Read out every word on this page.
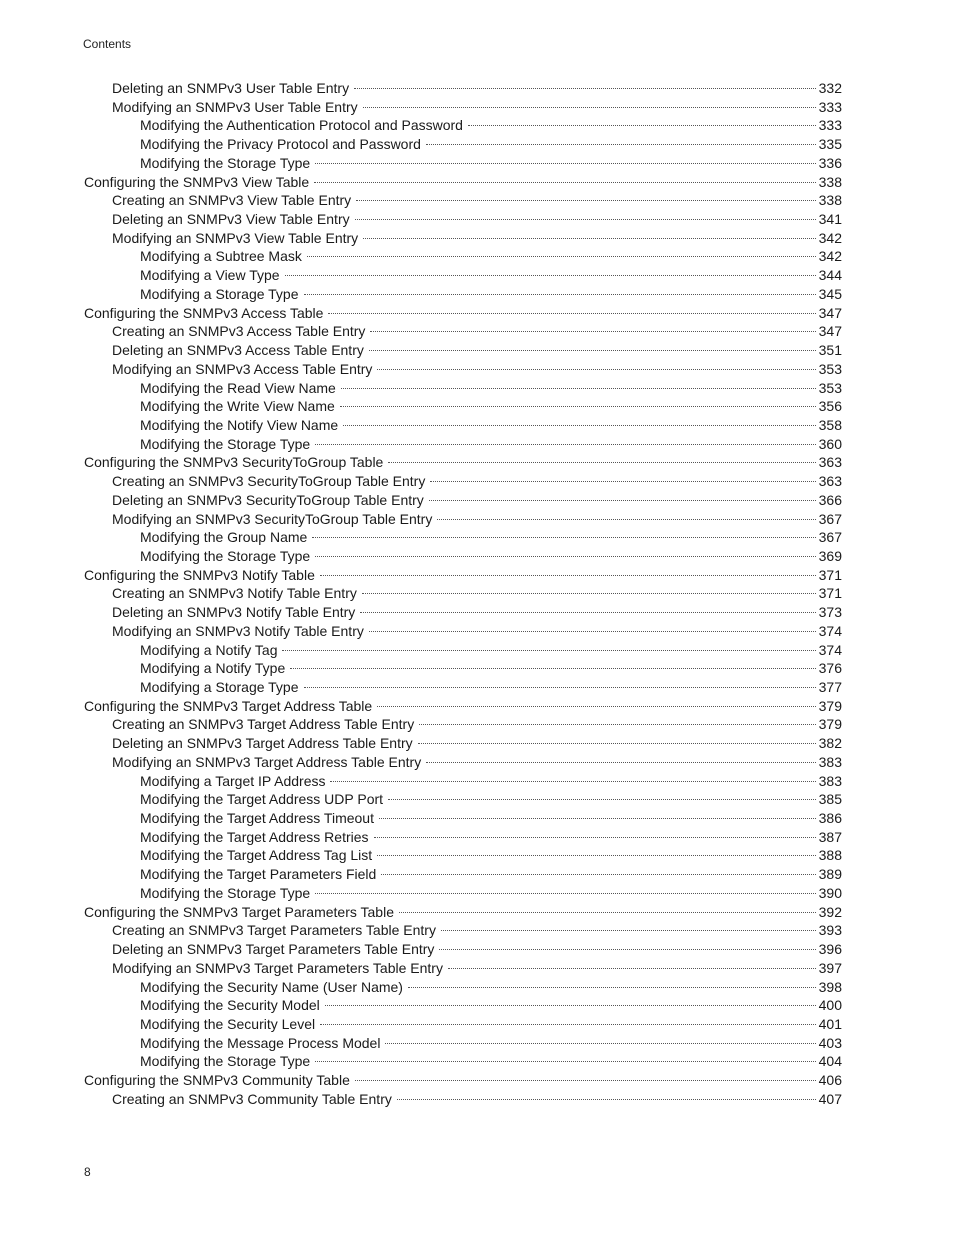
Contents
Deleting an SNMPv3 User Table Entry	332
Modifying an SNMPv3 User Table Entry	333
Modifying the Authentication Protocol and Password	333
Modifying the Privacy Protocol and Password	335
Modifying the Storage Type	336
Configuring the SNMPv3 View Table	338
Creating an SNMPv3 View Table Entry	338
Deleting an SNMPv3 View Table Entry	341
Modifying an SNMPv3 View Table Entry	342
Modifying a Subtree Mask	342
Modifying a View Type	344
Modifying a Storage Type	345
Configuring the SNMPv3 Access Table	347
Creating an SNMPv3 Access Table Entry	347
Deleting an SNMPv3 Access Table Entry	351
Modifying an SNMPv3 Access Table Entry	353
Modifying the Read View Name	353
Modifying the Write View Name	356
Modifying the Notify View Name	358
Modifying the Storage Type	360
Configuring the SNMPv3 SecurityToGroup Table	363
Creating an SNMPv3 SecurityToGroup Table Entry	363
Deleting an SNMPv3 SecurityToGroup Table Entry	366
Modifying an SNMPv3 SecurityToGroup Table Entry	367
Modifying the Group Name	367
Modifying the Storage Type	369
Configuring the SNMPv3 Notify Table	371
Creating an SNMPv3 Notify Table Entry	371
Deleting an SNMPv3 Notify Table Entry	373
Modifying an SNMPv3 Notify Table Entry	374
Modifying a Notify Tag	374
Modifying a Notify Type	376
Modifying a Storage Type	377
Configuring the SNMPv3 Target Address Table	379
Creating an SNMPv3 Target Address Table Entry	379
Deleting an SNMPv3 Target Address Table Entry	382
Modifying an SNMPv3 Target Address Table Entry	383
Modifying a Target IP Address	383
Modifying the Target Address UDP Port	385
Modifying the Target Address Timeout	386
Modifying the Target Address Retries	387
Modifying the Target Address Tag List	388
Modifying the Target Parameters Field	389
Modifying the Storage Type	390
Configuring the SNMPv3 Target Parameters Table	392
Creating an SNMPv3 Target Parameters Table Entry	393
Deleting an SNMPv3 Target Parameters Table Entry	396
Modifying an SNMPv3 Target Parameters Table Entry	397
Modifying the Security Name (User Name)	398
Modifying the Security Model	400
Modifying the Security Level	401
Modifying the Message Process Model	403
Modifying the Storage Type	404
Configuring the SNMPv3 Community Table	406
Creating an SNMPv3 Community Table Entry	407
8
